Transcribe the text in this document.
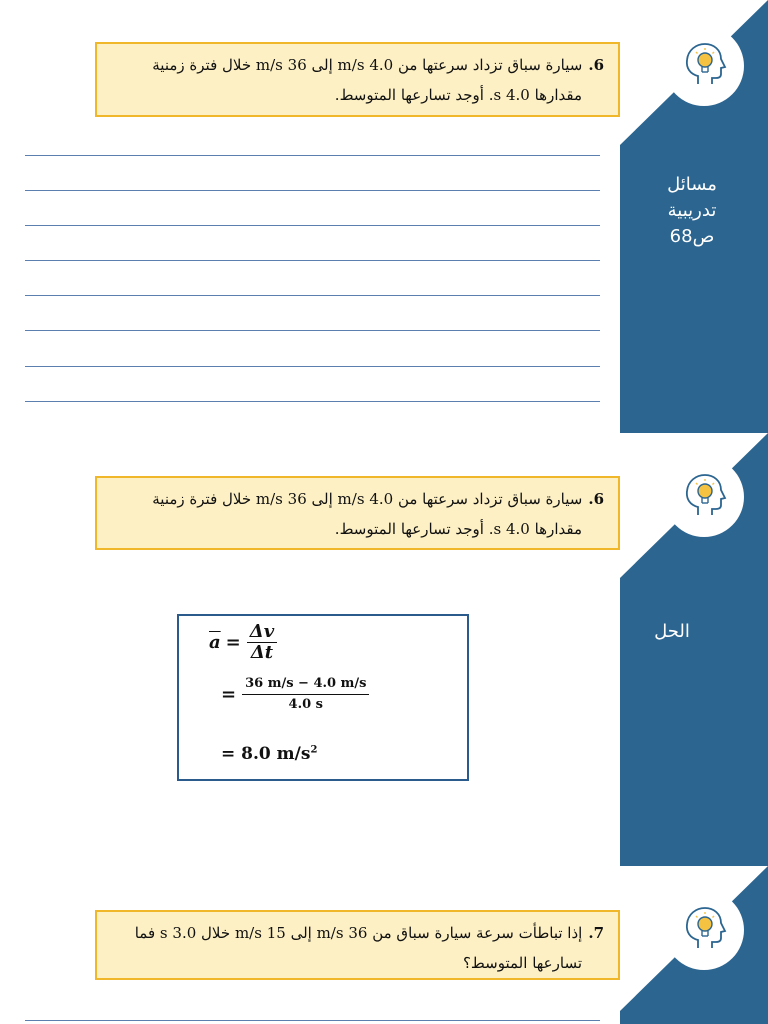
6.سيارة سباق تزداد سرعتها من 4.0 m/s إلى 36 m/s خلال فترة زمنية
مقدارها 4.0 s. أوجد تسارعها المتوسط.
مسائل
تدريبية
ص68
6.سيارة سباق تزداد سرعتها من 4.0 m/s إلى 36 m/s خلال فترة زمنية
مقدارها 4.0 s. أوجد تسارعها المتوسط.
الحل
$\overline{a} = \frac{\Delta v}{\Delta t}$
= $\frac{36 m/s - 4.0 m/s}{4.0 s}$
= 8.0 $m/s^2$
7.إذا تباطأت سرعة سيارة سباق من 36 m/s إلى 15 m/s خلال 3.0 s فما
تسارعها المتوسط؟
